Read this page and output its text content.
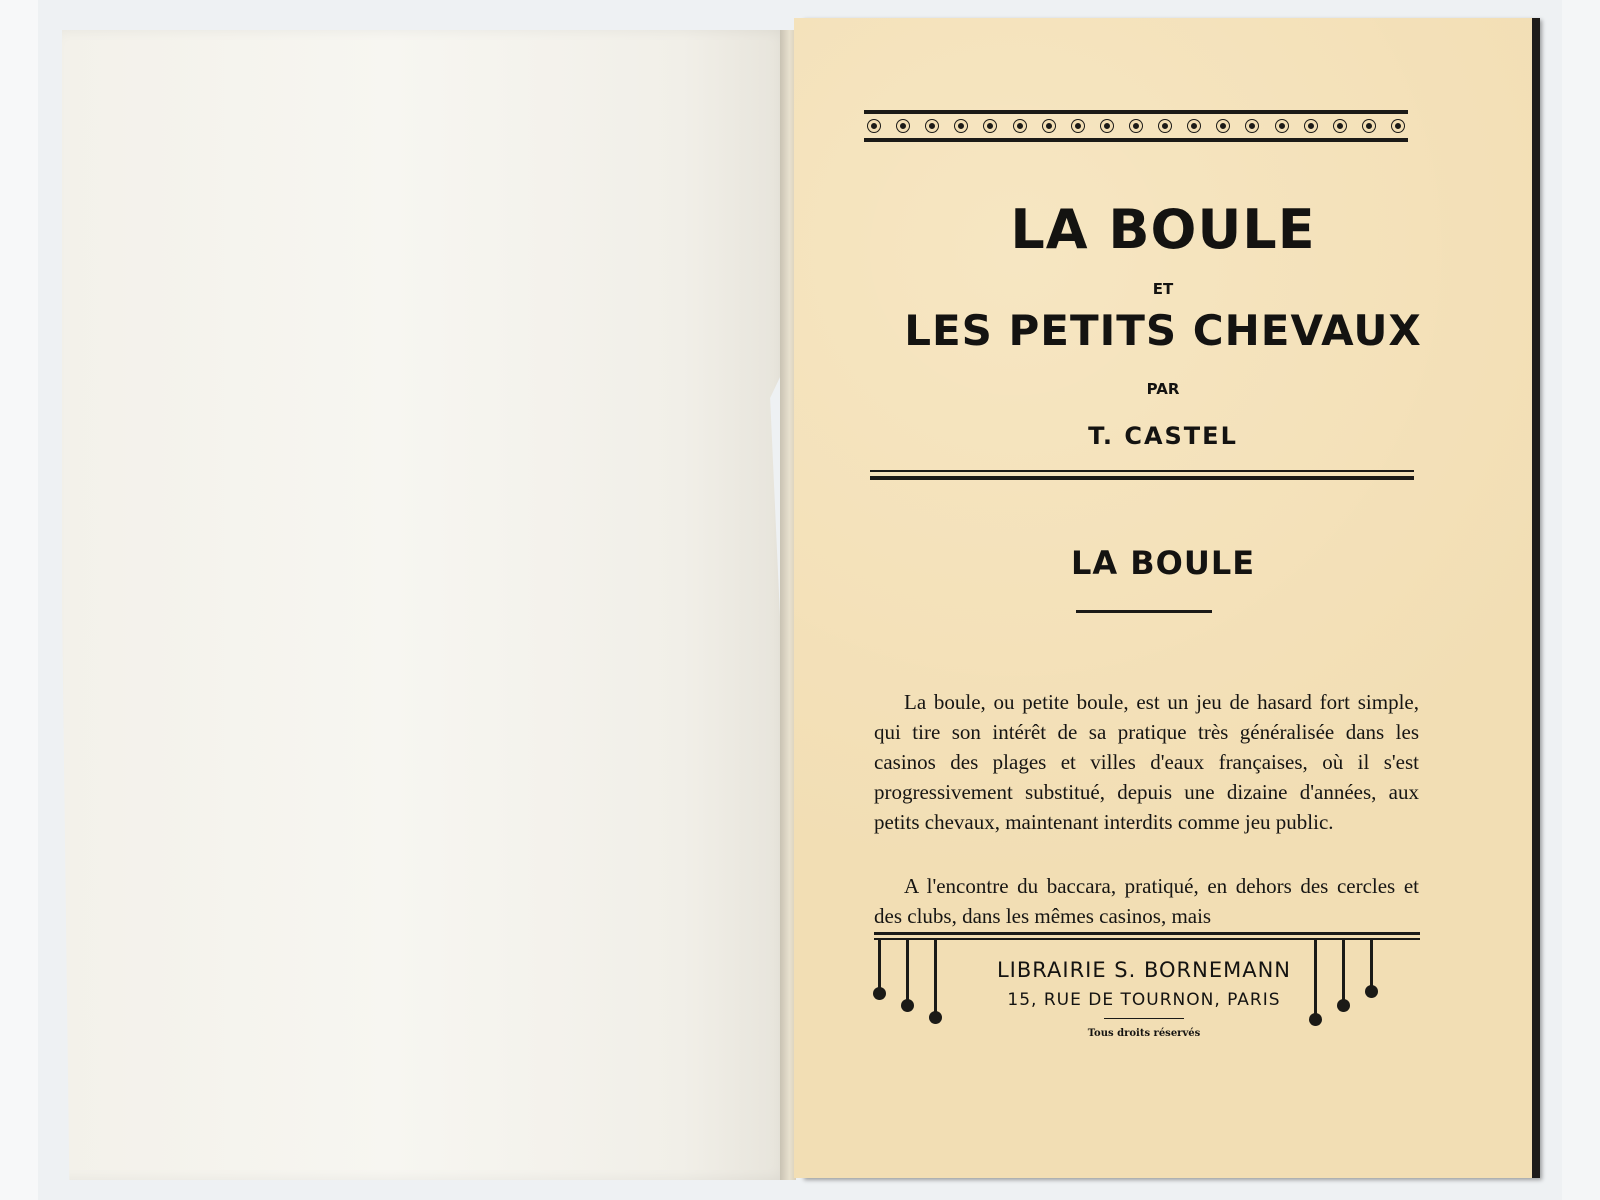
LA BOULE
ET
LES PETITS CHEVAUX
PAR
T. CASTEL
LA BOULE

La boule, ou petite boule, est un jeu de hasard fort simple, qui tire son intérêt de sa pratique très généralisée dans les casinos des plages et villes d'eaux françaises, où il s'est progressivement substitué, depuis une dizaine d'années, aux petits chevaux, maintenant interdits comme jeu public.

A l'encontre du baccara, pratiqué, en dehors des cercles et des clubs, dans les mêmes casinos, mais

LIBRAIRIE S. BORNEMANN
15, RUE DE TOURNON, PARIS
Tous droits réservés
